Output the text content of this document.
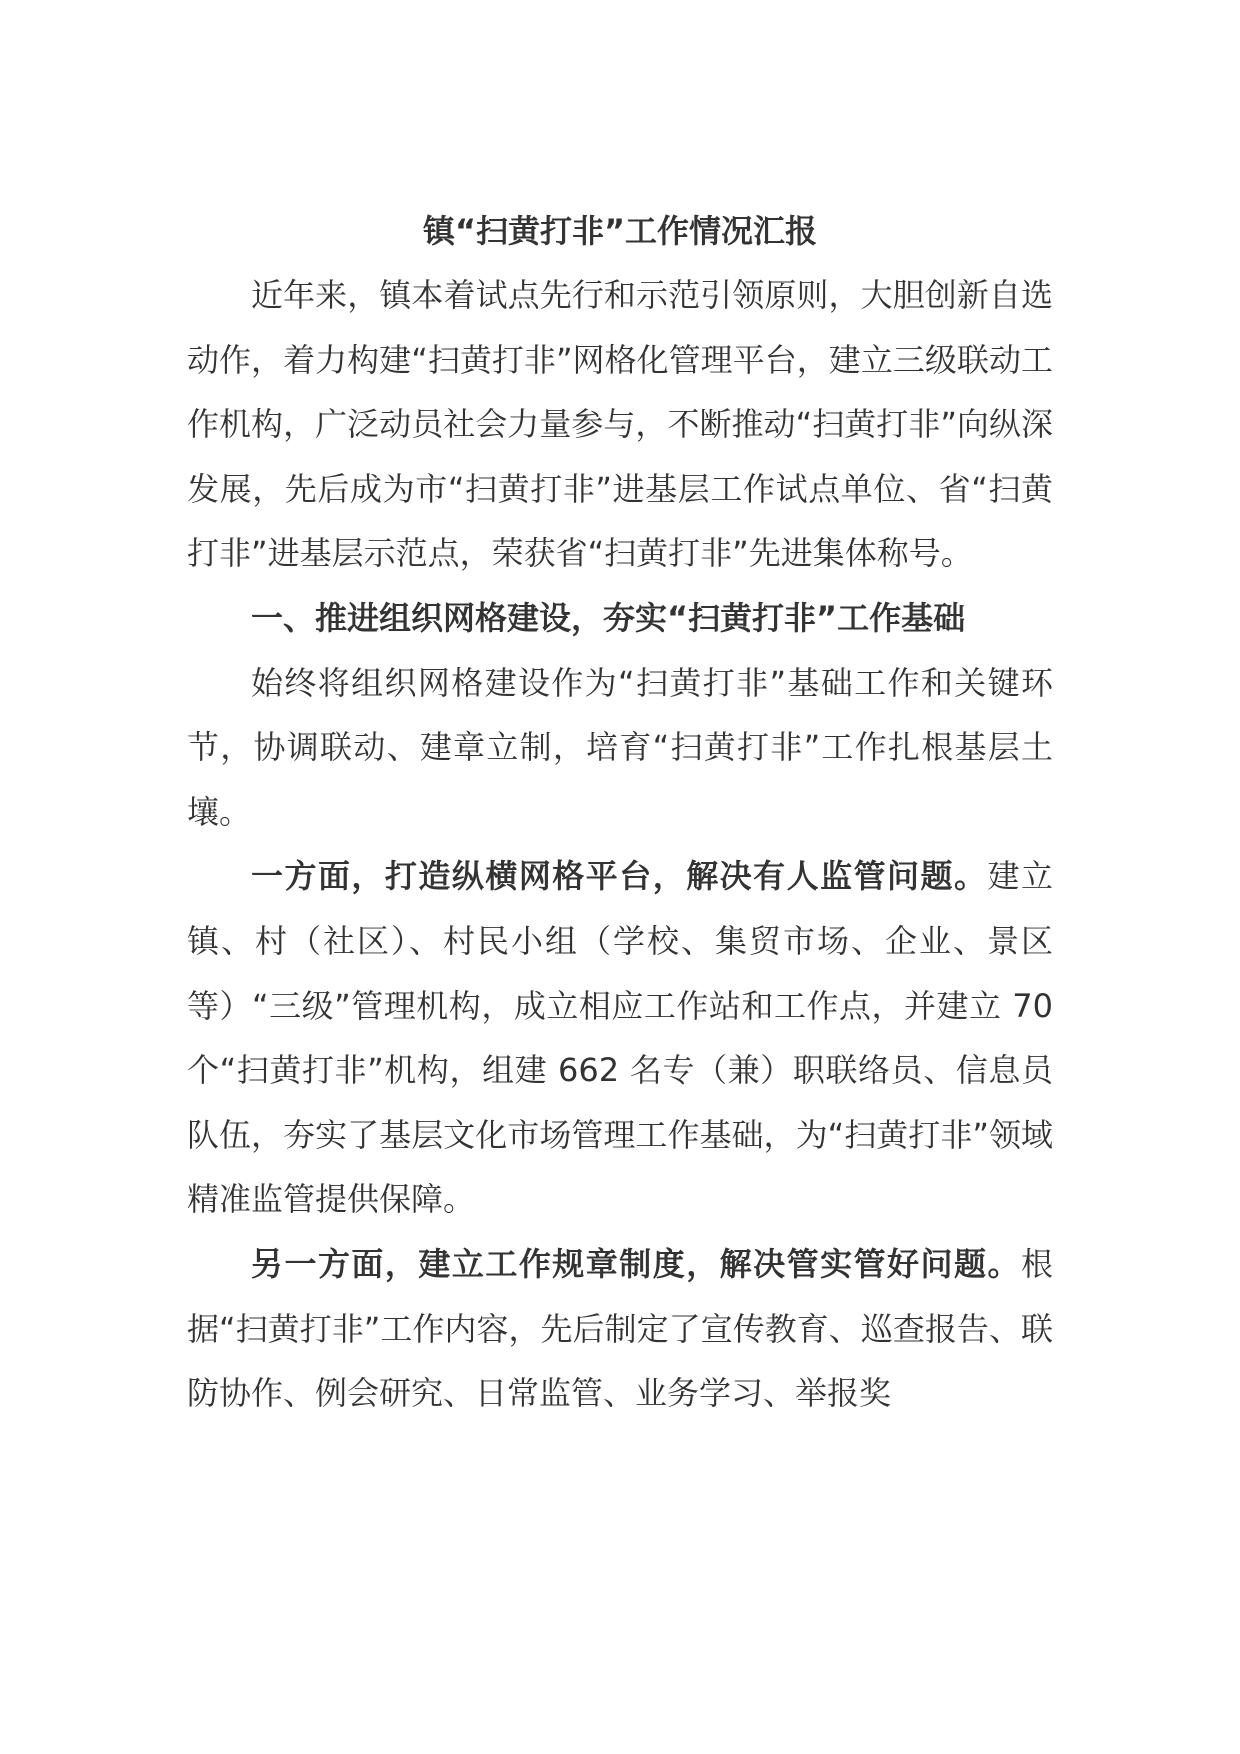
镇“扫黄打非”工作情况汇报

近年来，镇本着试点先行和示范引领原则，大胆创新自选动作，着力构建“扫黄打非”网格化管理平台，建立三级联动工作机构，广泛动员社会力量参与，不断推动“扫黄打非”向纵深发展，先后成为市“扫黄打非”进基层工作试点单位、省“扫黄打非”进基层示范点，荣获省“扫黄打非”先进集体称号。

一、推进组织网格建设，夯实“扫黄打非”工作基础

始终将组织网格建设作为“扫黄打非”基础工作和关键环节，协调联动、建章立制，培育“扫黄打非”工作扎根基层土壤。

一方面，打造纵横网格平台，解决有人监管问题。建立镇、村（社区）、村民小组（学校、集贸市场、企业、景区等）“三级”管理机构，成立相应工作站和工作点，并建立 70 个“扫黄打非”机构，组建 662 名专（兼）职联络员、信息员队伍，夯实了基层文化市场管理工作基础，为“扫黄打非”领域精准监管提供保障。

另一方面，建立工作规章制度，解决管实管好问题。根据“扫黄打非”工作内容，先后制定了宣传教育、巡查报告、联防协作、例会研究、日常监管、业务学习、举报奖
